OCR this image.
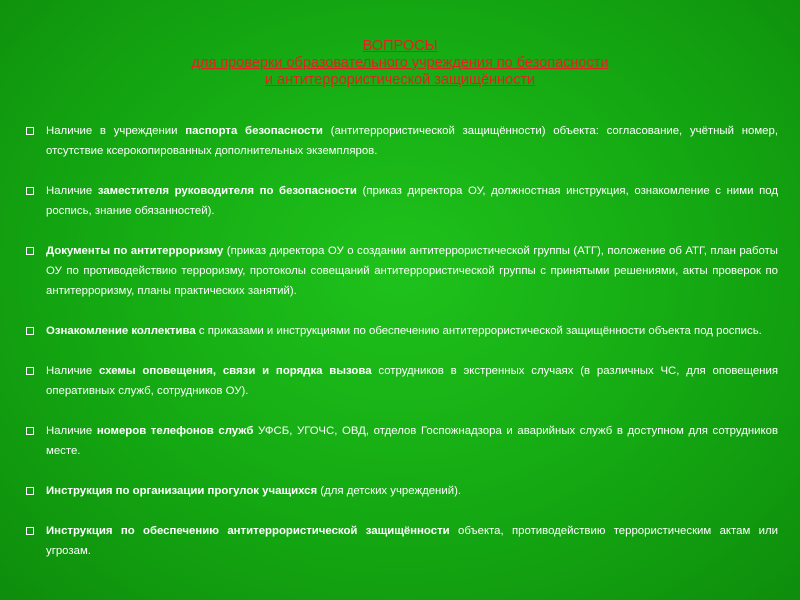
ВОПРОСЫ
для проверки образовательного учреждения по безопасности
и антитеррористической защищённости
Наличие в учреждении паспорта безопасности (антитеррористической защищённости) объекта: согласование, учётный номер, отсутствие ксерокопированных дополнительных экземпляров.
Наличие заместителя руководителя по безопасности (приказ директора ОУ, должностная инструкция, ознакомление с ними под роспись, знание обязанностей).
Документы по антитерроризму (приказ директора ОУ о создании антитеррористической группы (АТГ), положение об АТГ, план работы ОУ по противодействию терроризму, протоколы совещаний антитеррористической группы с принятыми решениями, акты проверок по антитерроризму, планы практических занятий).
Ознакомление коллектива с приказами и инструкциями по обеспечению антитеррористической защищённости объекта под роспись.
Наличие схемы оповещения, связи и порядка вызова сотрудников в экстренных случаях (в различных ЧС, для оповещения оперативных служб, сотрудников ОУ).
Наличие номеров телефонов служб УФСБ, УГОЧС, ОВД, отделов Госпожнадзора и аварийных служб в доступном для сотрудников месте.
Инструкция по организации прогулок учащихся (для детских учреждений).
Инструкция по обеспечению антитеррористической защищённости объекта, противодействию террористическим актам или угрозам.
